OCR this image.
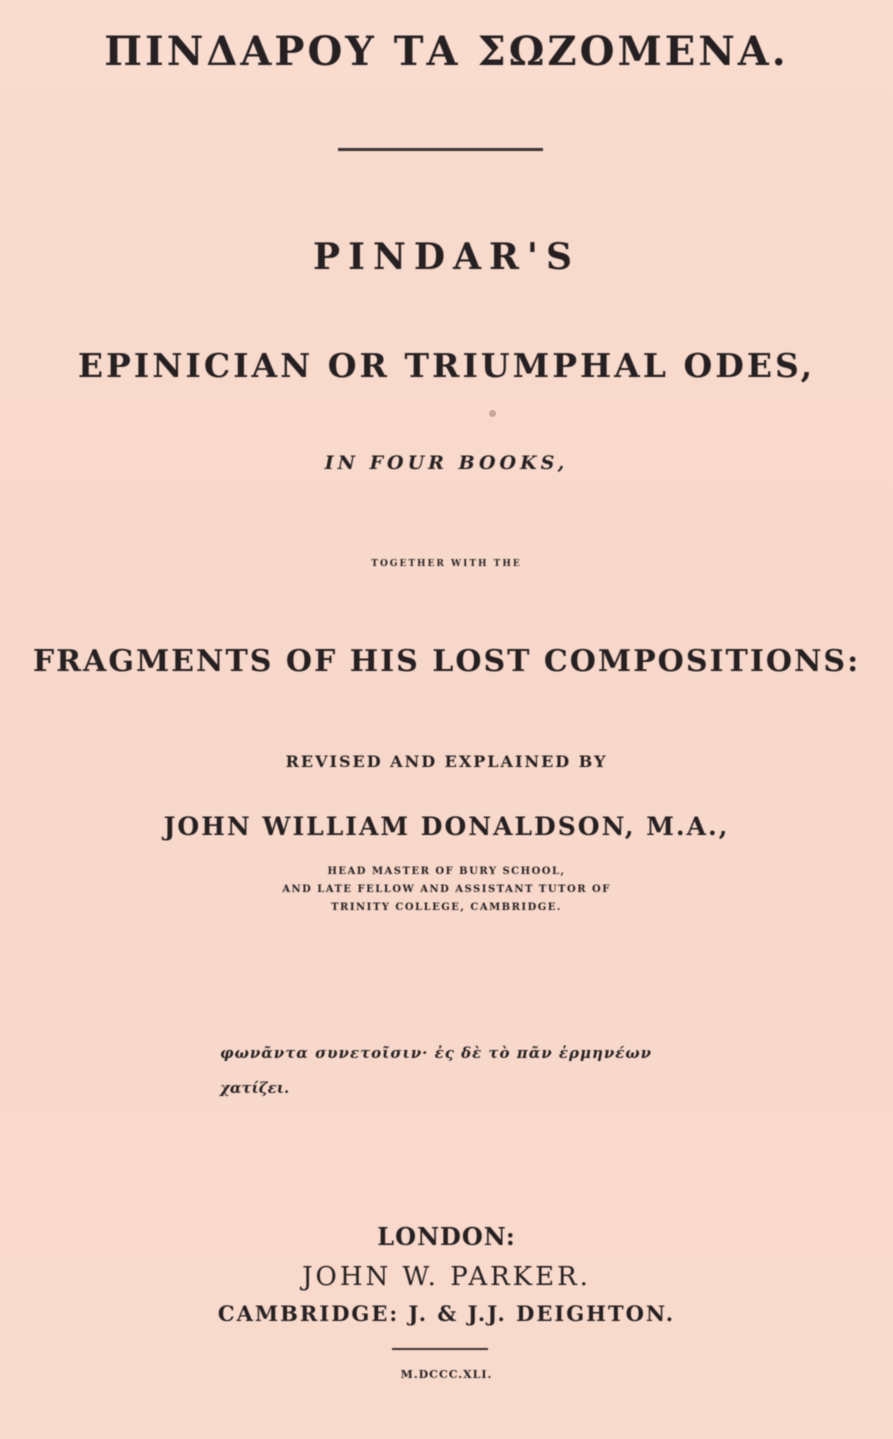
ΠΙΝΔΑΡΟΥ ΤΑ ΣΩΖΟΜΕΝΑ.
PINDAR'S
EPINICIAN OR TRIUMPHAL ODES,
IN FOUR BOOKS,
TOGETHER WITH THE
FRAGMENTS OF HIS LOST COMPOSITIONS:
REVISED AND EXPLAINED BY
JOHN WILLIAM DONALDSON, M.A.,
HEAD MASTER OF BURY SCHOOL,
AND LATE FELLOW AND ASSISTANT TUTOR OF
TRINITY COLLEGE, CAMBRIDGE.
φωνᾶντα συνετοῖσιν· ἐς δὲ τὸ πᾶν ἑρμηνέων
χατίζει.
LONDON:
JOHN W. PARKER.
CAMBRIDGE: J. & J.J. DEIGHTON.
M.DCCC.XLI.
